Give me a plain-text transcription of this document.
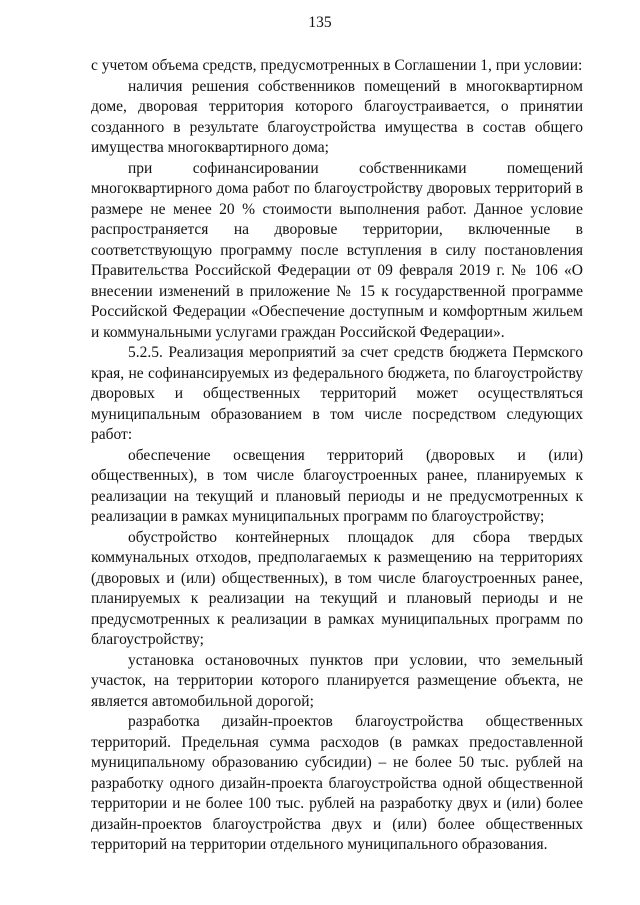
135

с учетом объема средств, предусмотренных в Соглашении 1, при условии:

наличия решения собственников помещений в многоквартирном доме, дворовая территория которого благоустраивается, о принятии созданного в результате благоустройства имущества в состав общего имущества многоквартирного дома;

при софинансировании собственниками помещений многоквартирного дома работ по благоустройству дворовых территорий в размере не менее 20 % стоимости выполнения работ. Данное условие распространяется на дворовые территории, включенные в соответствующую программу после вступления в силу постановления Правительства Российской Федерации от 09 февраля 2019 г. № 106 «О внесении изменений в приложение № 15 к государственной программе Российской Федерации «Обеспечение доступным и комфортным жильем и коммунальными услугами граждан Российской Федерации».

5.2.5. Реализация мероприятий за счет средств бюджета Пермского края, не софинансируемых из федерального бюджета, по благоустройству дворовых и общественных территорий может осуществляться муниципальным образованием в том числе посредством следующих работ:

обеспечение освещения территорий (дворовых и (или) общественных), в том числе благоустроенных ранее, планируемых к реализации на текущий и плановый периоды и не предусмотренных к реализации в рамках муниципальных программ по благоустройству;

обустройство контейнерных площадок для сбора твердых коммунальных отходов, предполагаемых к размещению на территориях (дворовых и (или) общественных), в том числе благоустроенных ранее, планируемых к реализации на текущий и плановый периоды и не предусмотренных к реализации в рамках муниципальных программ по благоустройству;

установка остановочных пунктов при условии, что земельный участок, на территории которого планируется размещение объекта, не является автомобильной дорогой;

разработка дизайн-проектов благоустройства общественных территорий. Предельная сумма расходов (в рамках предоставленной муниципальному образованию субсидии) – не более 50 тыс. рублей на разработку одного дизайн-проекта благоустройства одной общественной территории и не более 100 тыс. рублей на разработку двух и (или) более дизайн-проектов благоустройства двух и (или) более общественных территорий на территории отдельного муниципального образования.
